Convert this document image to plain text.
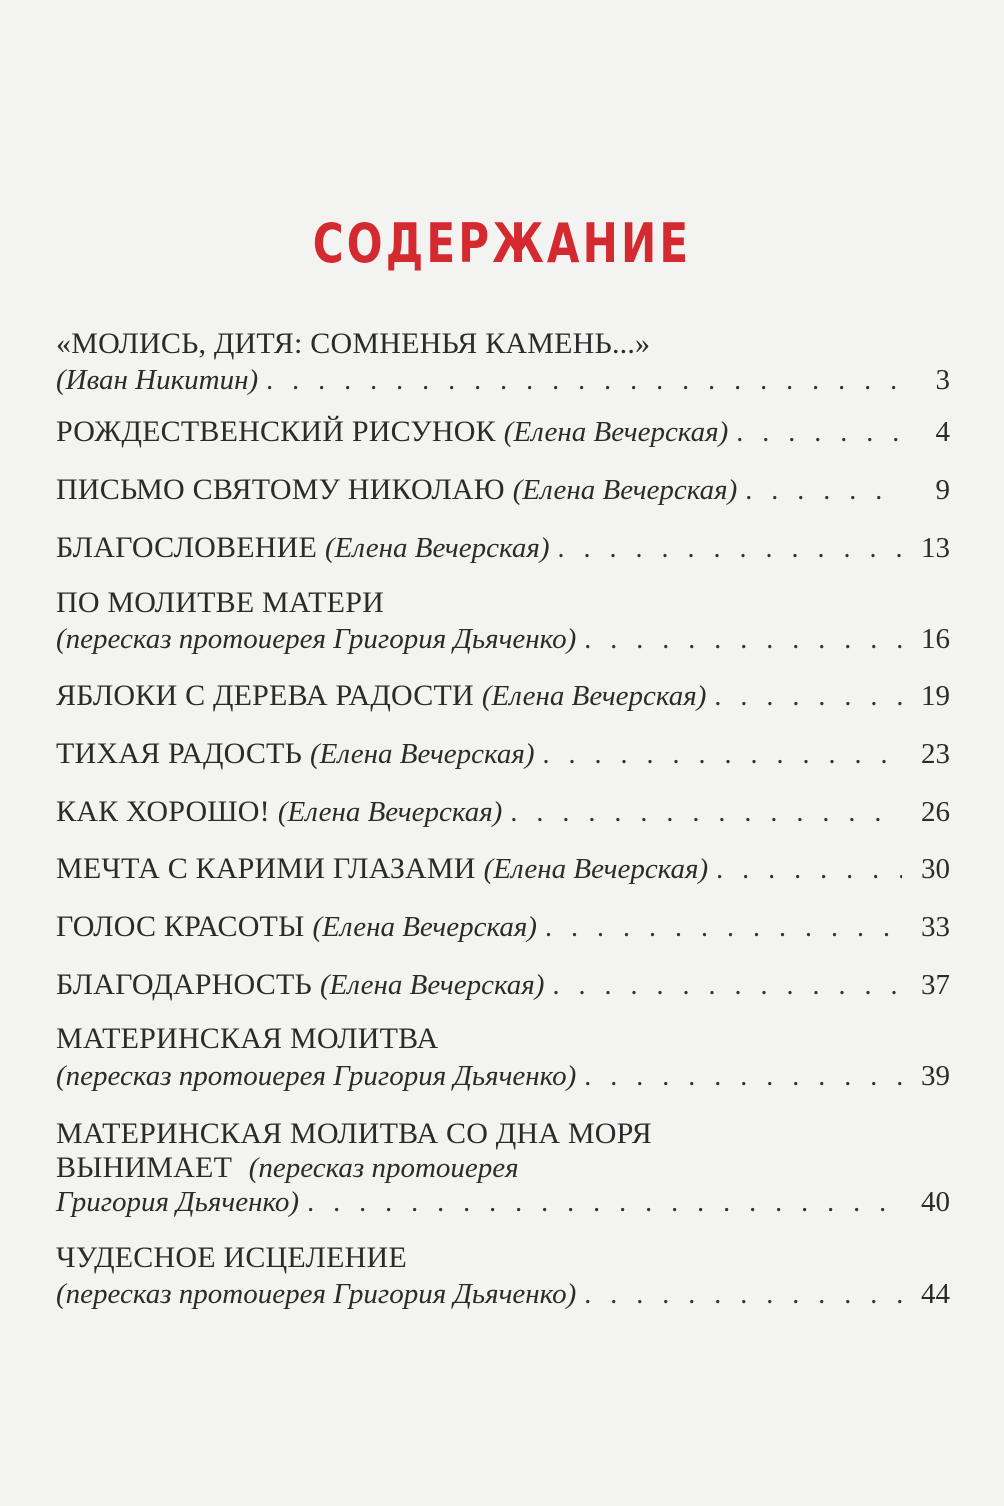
СОДЕРЖАНИЕ
«МОЛИСЬ, ДИТЯ: СОМНЕНЬЯ КАМЕНЬ...»
(Иван Никитин) . . .	3
РОЖДЕСТВЕНСКИЙ РИСУНОК (Елена Вечерская) . . .	4
ПИСЬМО СВЯТОМУ НИКОЛАЮ (Елена Вечерская) . . .	9
БЛАГОСЛОВЕНИЕ (Елена Вечерская) . . .	13
ПО МОЛИТВЕ МАТЕРИ
(пересказ протоиерея Григория Дьяченко) . . .	16
ЯБЛОКИ С ДЕРЕВА РАДОСТИ (Елена Вечерская) . . .	19
ТИХАЯ РАДОСТЬ (Елена Вечерская) . . .	23
КАК ХОРОШО! (Елена Вечерская) . . .	26
МЕЧТА С КАРИМИ ГЛАЗАМИ (Елена Вечерская) . . .	30
ГОЛОС КРАСОТЫ (Елена Вечерская) . . .	33
БЛАГОДАРНОСТЬ (Елена Вечерская) . . .	37
МАТЕРИНСКАЯ МОЛИТВА
(пересказ протоиерея Григория Дьяченко) . . .	39
МАТЕРИНСКАЯ МОЛИТВА СО ДНА МОРЯ
ВЫНИМАЕТ (пересказ протоиерея
Григория Дьяченко) . . .	40
ЧУДЕСНОЕ ИСЦЕЛЕНИЕ
(пересказ протоиерея Григория Дьяченко) . . .	44
